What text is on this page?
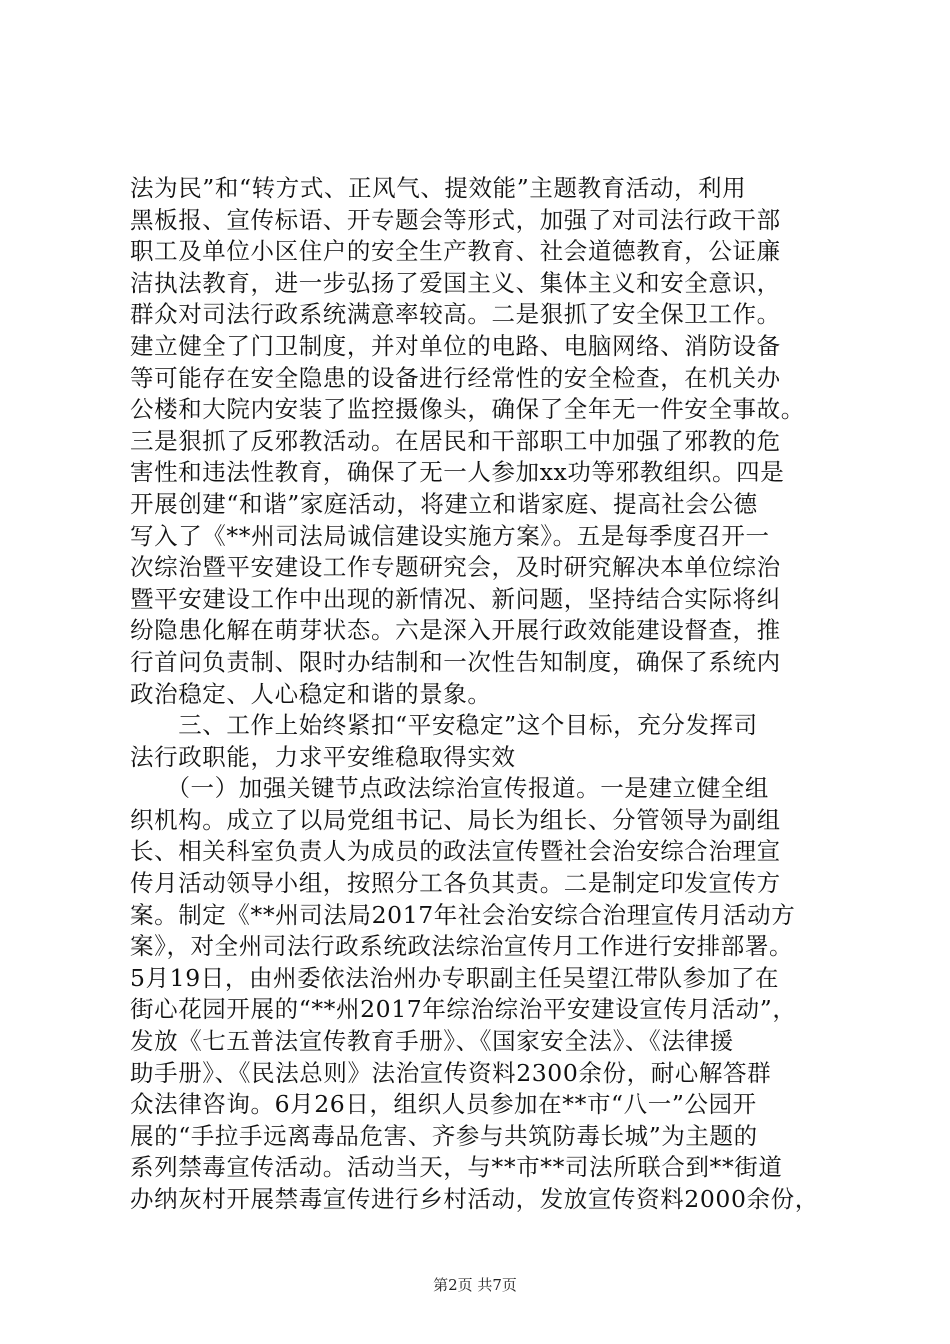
法为民”和“转方式、正风气、提效能”主题教育活动，利用
黑板报、宣传标语、开专题会等形式，加强了对司法行政干部
职工及单位小区住户的安全生产教育、社会道德教育，公证廉
洁执法教育，进一步弘扬了爱国主义、集体主义和安全意识，
群众对司法行政系统满意率较高。二是狠抓了安全保卫工作。
建立健全了门卫制度，并对单位的电路、电脑网络、消防设备
等可能存在安全隐患的设备进行经常性的安全检查，在机关办
公楼和大院内安装了监控摄像头，确保了全年无一件安全事故。
三是狠抓了反邪教活动。在居民和干部职工中加强了邪教的危
害性和违法性教育，确保了无一人参加xx功等邪教组织。四是
开展创建“和谐”家庭活动，将建立和谐家庭、提高社会公德
写入了《**州司法局诚信建设实施方案》。五是每季度召开一
次综治暨平安建设工作专题研究会，及时研究解决本单位综治
暨平安建设工作中出现的新情况、新问题，坚持结合实际将纠
纷隐患化解在萌芽状态。六是深入开展行政效能建设督查，推
行首问负责制、限时办结制和一次性告知制度，确保了系统内
政治稳定、人心稳定和谐的景象。
　　三、工作上始终紧扣“平安稳定”这个目标，充分发挥司
法行政职能，力求平安维稳取得实效
　　（一）加强关键节点政法综治宣传报道。一是建立健全组
织机构。成立了以局党组书记、局长为组长、分管领导为副组
长、相关科室负责人为成员的政法宣传暨社会治安综合治理宣
传月活动领导小组，按照分工各负其责。二是制定印发宣传方
案。制定《**州司法局2017年社会治安综合治理宣传月活动方
案》，对全州司法行政系统政法综治宣传月工作进行安排部署。
5月19日，由州委依法治州办专职副主任吴望江带队参加了在
街心花园开展的“**州2017年综治综治平安建设宣传月活动”，
发放《七五普法宣传教育手册》、《国家安全法》、《法律援
助手册》、《民法总则》法治宣传资料2300余份，耐心解答群
众法律咨询。6月26日，组织人员参加在**市“八一”公园开
展的“手拉手远离毒品危害、齐参与共筑防毒长城”为主题的
系列禁毒宣传活动。活动当天，与**市**司法所联合到**街道
办纳灰村开展禁毒宣传进行乡村活动，发放宣传资料2000余份，
第2页 共7页
